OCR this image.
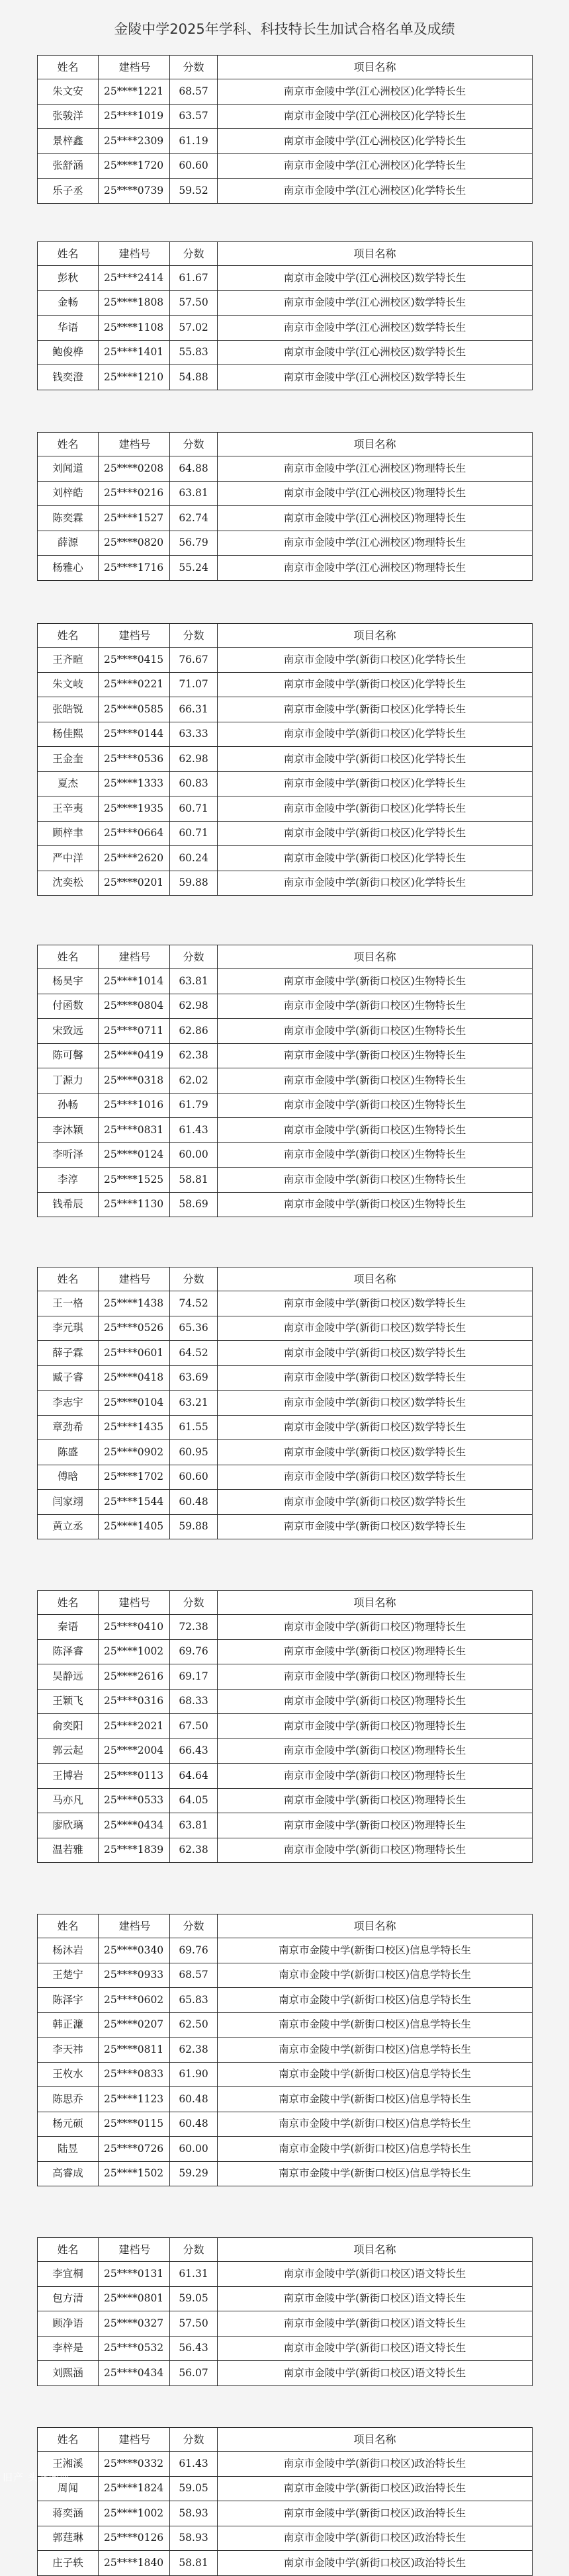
金陵中学2025年学科、科技特长生加试合格名单及成绩
姓名	建档号	分数	项目名称
朱文安	25****1221	68.57	南京市金陵中学(江心洲校区)化学特长生
张骏洋	25****1019	63.57	南京市金陵中学(江心洲校区)化学特长生
景梓鑫	25****2309	61.19	南京市金陵中学(江心洲校区)化学特长生
张舒涵	25****1720	60.60	南京市金陵中学(江心洲校区)化学特长生
乐子丞	25****0739	59.52	南京市金陵中学(江心洲校区)化学特长生
姓名	建档号	分数	项目名称
彭秋	25****2414	61.67	南京市金陵中学(江心洲校区)数学特长生
金畅	25****1808	57.50	南京市金陵中学(江心洲校区)数学特长生
华语	25****1108	57.02	南京市金陵中学(江心洲校区)数学特长生
鲍俊桦	25****1401	55.83	南京市金陵中学(江心洲校区)数学特长生
钱奕澄	25****1210	54.88	南京市金陵中学(江心洲校区)数学特长生
姓名	建档号	分数	项目名称
刘闻道	25****0208	64.88	南京市金陵中学(江心洲校区)物理特长生
刘梓皓	25****0216	63.81	南京市金陵中学(江心洲校区)物理特长生
陈奕霖	25****1527	62.74	南京市金陵中学(江心洲校区)物理特长生
薛源	25****0820	56.79	南京市金陵中学(江心洲校区)物理特长生
杨雅心	25****1716	55.24	南京市金陵中学(江心洲校区)物理特长生
姓名	建档号	分数	项目名称
王齐暄	25****0415	76.67	南京市金陵中学(新街口校区)化学特长生
朱文岐	25****0221	71.07	南京市金陵中学(新街口校区)化学特长生
张皓锐	25****0585	66.31	南京市金陵中学(新街口校区)化学特长生
杨佳熙	25****0144	63.33	南京市金陵中学(新街口校区)化学特长生
王金奎	25****0536	62.98	南京市金陵中学(新街口校区)化学特长生
夏杰	25****1333	60.83	南京市金陵中学(新街口校区)化学特长生
王辛夷	25****1935	60.71	南京市金陵中学(新街口校区)化学特长生
顾梓聿	25****0664	60.71	南京市金陵中学(新街口校区)化学特长生
严中洋	25****2620	60.24	南京市金陵中学(新街口校区)化学特长生
沈奕松	25****0201	59.88	南京市金陵中学(新街口校区)化学特长生
姓名	建档号	分数	项目名称
杨昊宇	25****1014	63.81	南京市金陵中学(新街口校区)生物特长生
付函数	25****0804	62.98	南京市金陵中学(新街口校区)生物特长生
宋致远	25****0711	62.86	南京市金陵中学(新街口校区)生物特长生
陈可馨	25****0419	62.38	南京市金陵中学(新街口校区)生物特长生
丁源力	25****0318	62.02	南京市金陵中学(新街口校区)生物特长生
孙畅	25****1016	61.79	南京市金陵中学(新街口校区)生物特长生
李沐颖	25****0831	61.43	南京市金陵中学(新街口校区)生物特长生
李听泽	25****0124	60.00	南京市金陵中学(新街口校区)生物特长生
李淳	25****1525	58.81	南京市金陵中学(新街口校区)生物特长生
钱希辰	25****1130	58.69	南京市金陵中学(新街口校区)生物特长生
姓名	建档号	分数	项目名称
王一格	25****1438	74.52	南京市金陵中学(新街口校区)数学特长生
李元琪	25****0526	65.36	南京市金陵中学(新街口校区)数学特长生
薛子霖	25****0601	64.52	南京市金陵中学(新街口校区)数学特长生
臧子睿	25****0418	63.69	南京市金陵中学(新街口校区)数学特长生
李志宇	25****0104	63.21	南京市金陵中学(新街口校区)数学特长生
章劲希	25****1435	61.55	南京市金陵中学(新街口校区)数学特长生
陈盛	25****0902	60.95	南京市金陵中学(新街口校区)数学特长生
傅晗	25****1702	60.60	南京市金陵中学(新街口校区)数学特长生
闫家翊	25****1544	60.48	南京市金陵中学(新街口校区)数学特长生
黄立丞	25****1405	59.88	南京市金陵中学(新街口校区)数学特长生
姓名	建档号	分数	项目名称
秦语	25****0410	72.38	南京市金陵中学(新街口校区)物理特长生
陈泽睿	25****1002	69.76	南京市金陵中学(新街口校区)物理特长生
吴静远	25****2616	69.17	南京市金陵中学(新街口校区)物理特长生
王颖飞	25****0316	68.33	南京市金陵中学(新街口校区)物理特长生
俞奕阳	25****2021	67.50	南京市金陵中学(新街口校区)物理特长生
郭云起	25****2004	66.43	南京市金陵中学(新街口校区)物理特长生
王博岩	25****0113	64.64	南京市金陵中学(新街口校区)物理特长生
马亦凡	25****0533	64.05	南京市金陵中学(新街口校区)物理特长生
廖欣璃	25****0434	63.81	南京市金陵中学(新街口校区)物理特长生
温若雅	25****1839	62.38	南京市金陵中学(新街口校区)物理特长生
姓名	建档号	分数	项目名称
杨沐岩	25****0340	69.76	南京市金陵中学(新街口校区)信息学特长生
王楚宁	25****0933	68.57	南京市金陵中学(新街口校区)信息学特长生
陈泽宇	25****0602	65.83	南京市金陵中学(新街口校区)信息学特长生
韩正濂	25****0207	62.50	南京市金陵中学(新街口校区)信息学特长生
李天祎	25****0811	62.38	南京市金陵中学(新街口校区)信息学特长生
王枚水	25****0833	61.90	南京市金陵中学(新街口校区)信息学特长生
陈思乔	25****1123	60.48	南京市金陵中学(新街口校区)信息学特长生
杨元硕	25****0115	60.48	南京市金陵中学(新街口校区)信息学特长生
陆昱	25****0726	60.00	南京市金陵中学(新街口校区)信息学特长生
高睿成	25****1502	59.29	南京市金陵中学(新街口校区)信息学特长生
姓名	建档号	分数	项目名称
李宜桐	25****0131	61.31	南京市金陵中学(新街口校区)语文特长生
包方清	25****0801	59.05	南京市金陵中学(新街口校区)语文特长生
顾净语	25****0327	57.50	南京市金陵中学(新街口校区)语文特长生
李梓是	25****0532	56.43	南京市金陵中学(新街口校区)语文特长生
刘熙涵	25****0434	56.07	南京市金陵中学(新街口校区)语文特长生
姓名	建档号	分数	项目名称
王湘溪	25****0332	61.43	南京市金陵中学(新街口校区)政治特长生
周闻	25****1824	59.05	南京市金陵中学(新街口校区)政治特长生
蒋奕涵	25****1002	58.93	南京市金陵中学(新街口校区)政治特长生
郭莛琳	25****0126	58.93	南京市金陵中学(新街口校区)政治特长生
庄子轶	25****1840	58.81	南京市金陵中学(新街口校区)政治特长生
旧产 头条@南
